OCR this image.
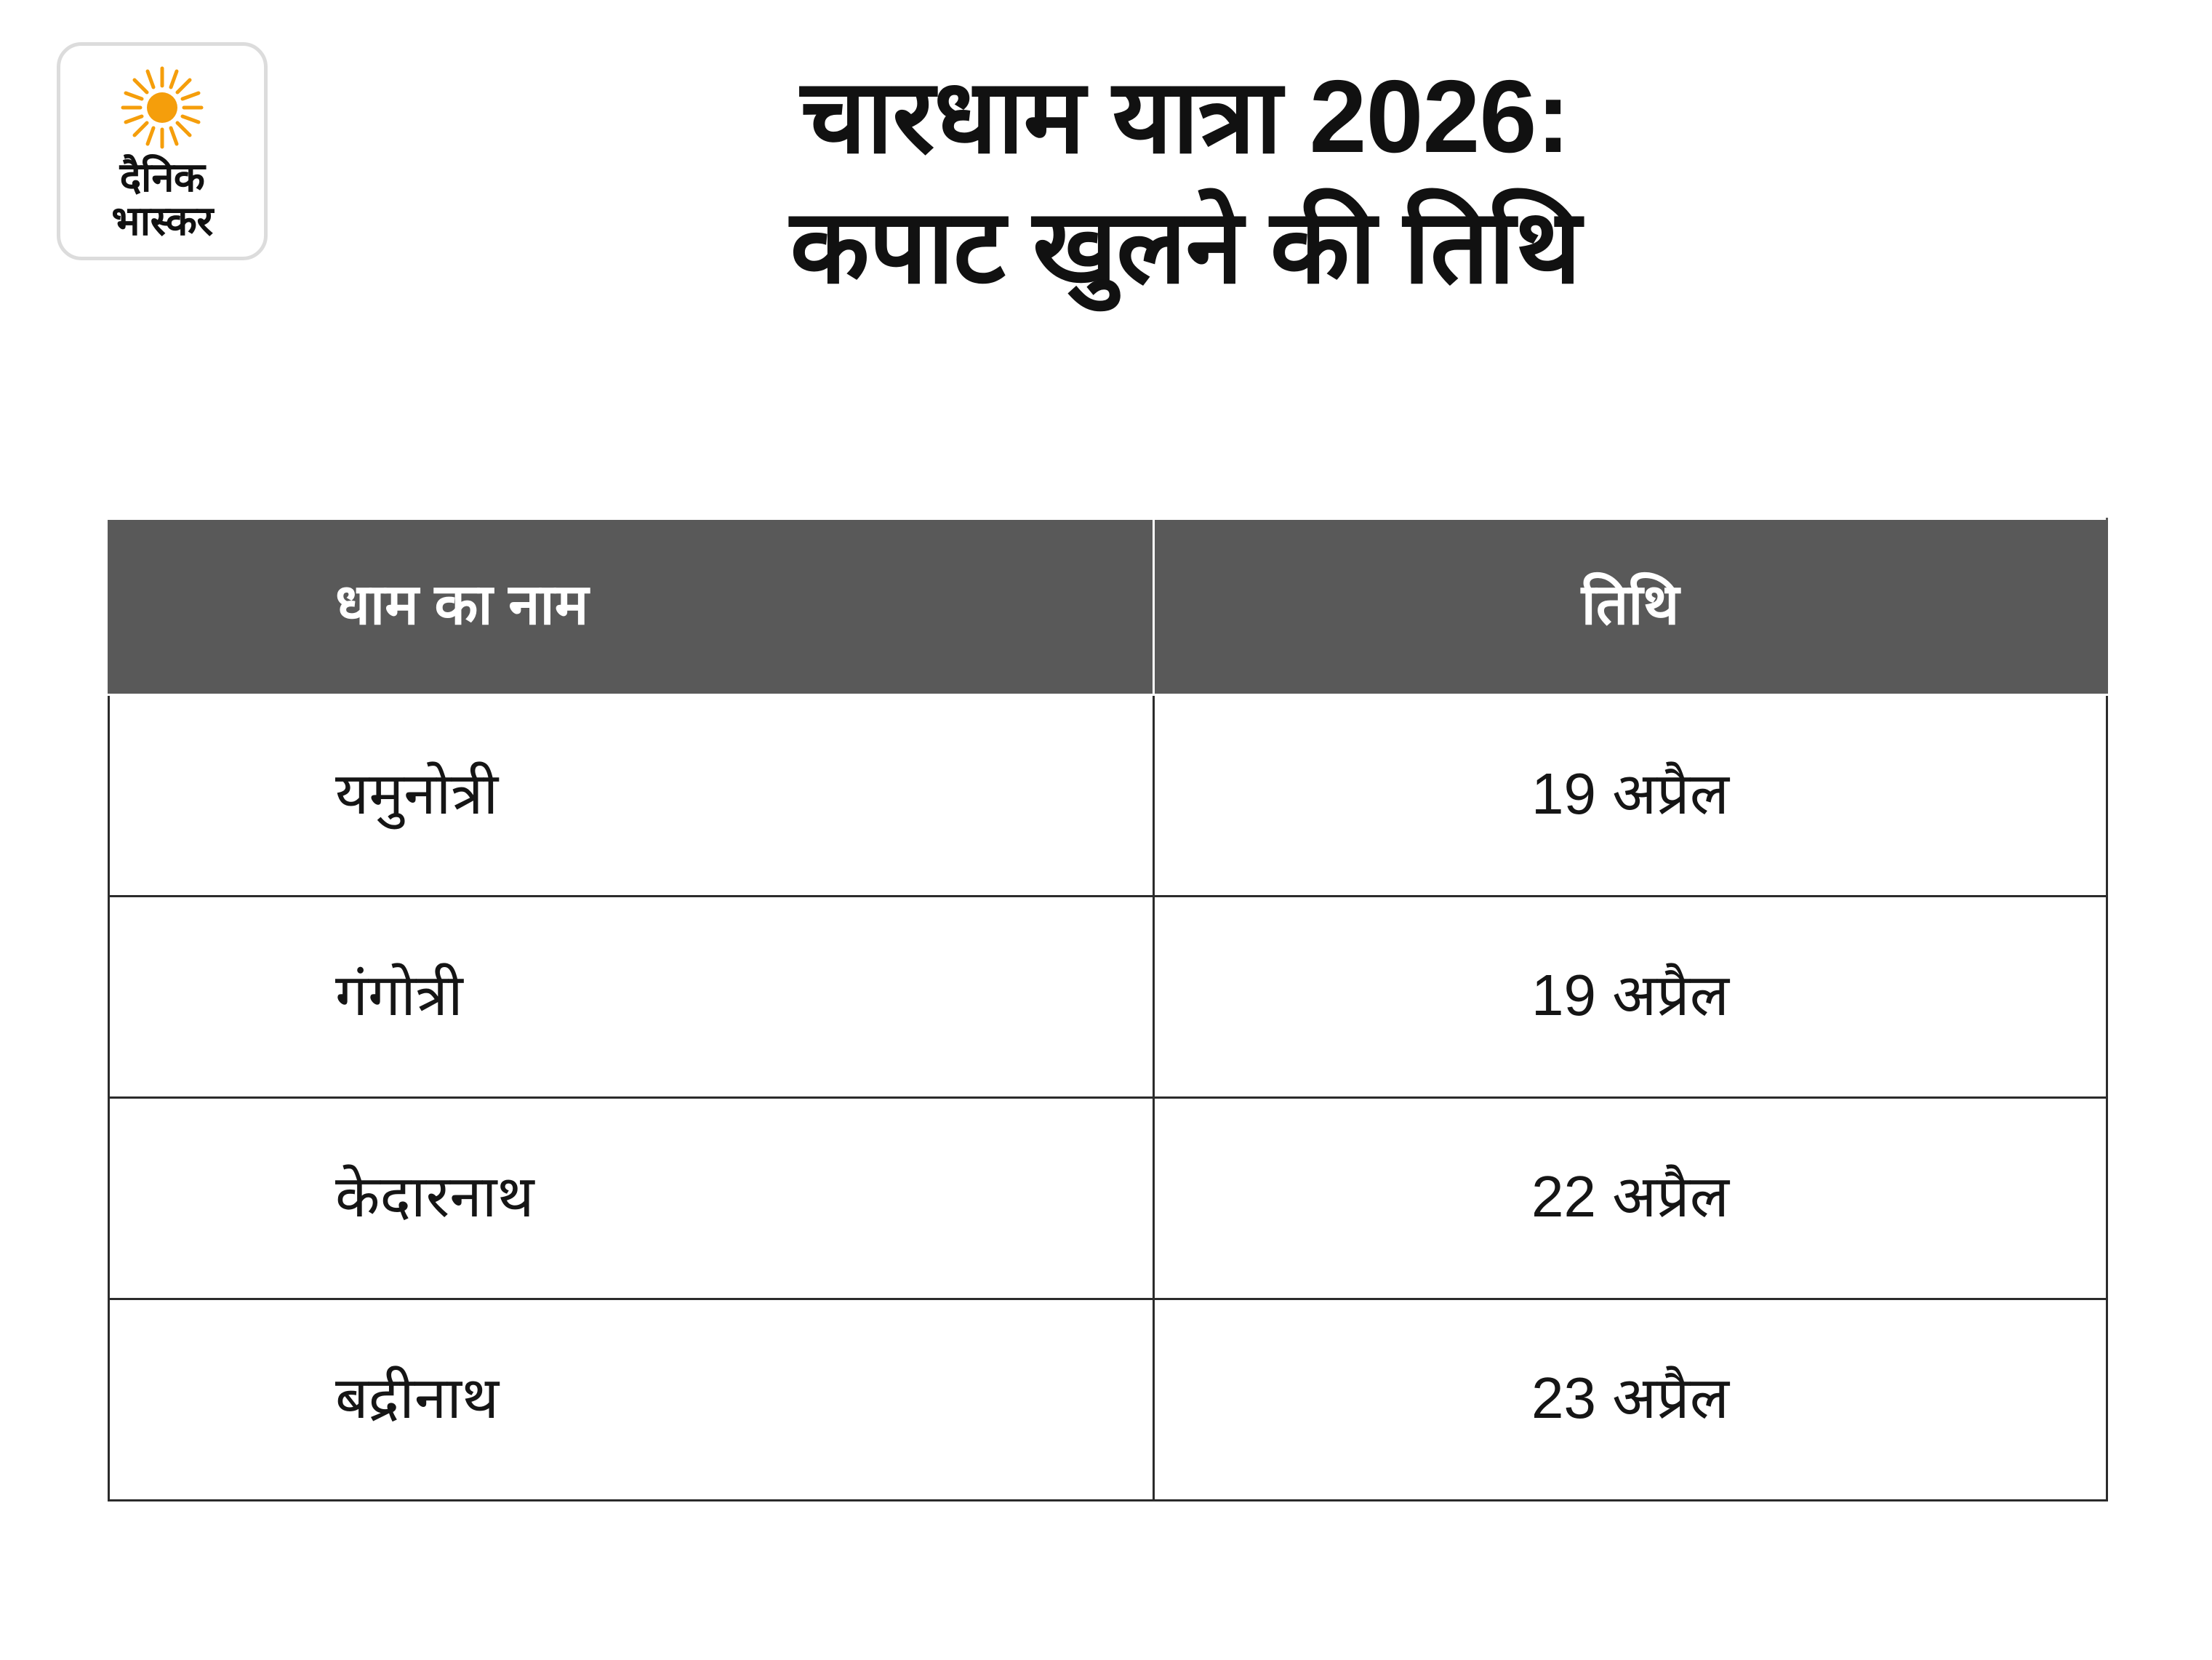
दैनिक
भास्कर
चारधाम यात्रा 2026:
कपाट खुलने की तिथि
धाम का नाम	तिथि
यमुनोत्री	19 अप्रैल
गंगोत्री	19 अप्रैल
केदारनाथ	22 अप्रैल
बद्रीनाथ	23 अप्रैल
